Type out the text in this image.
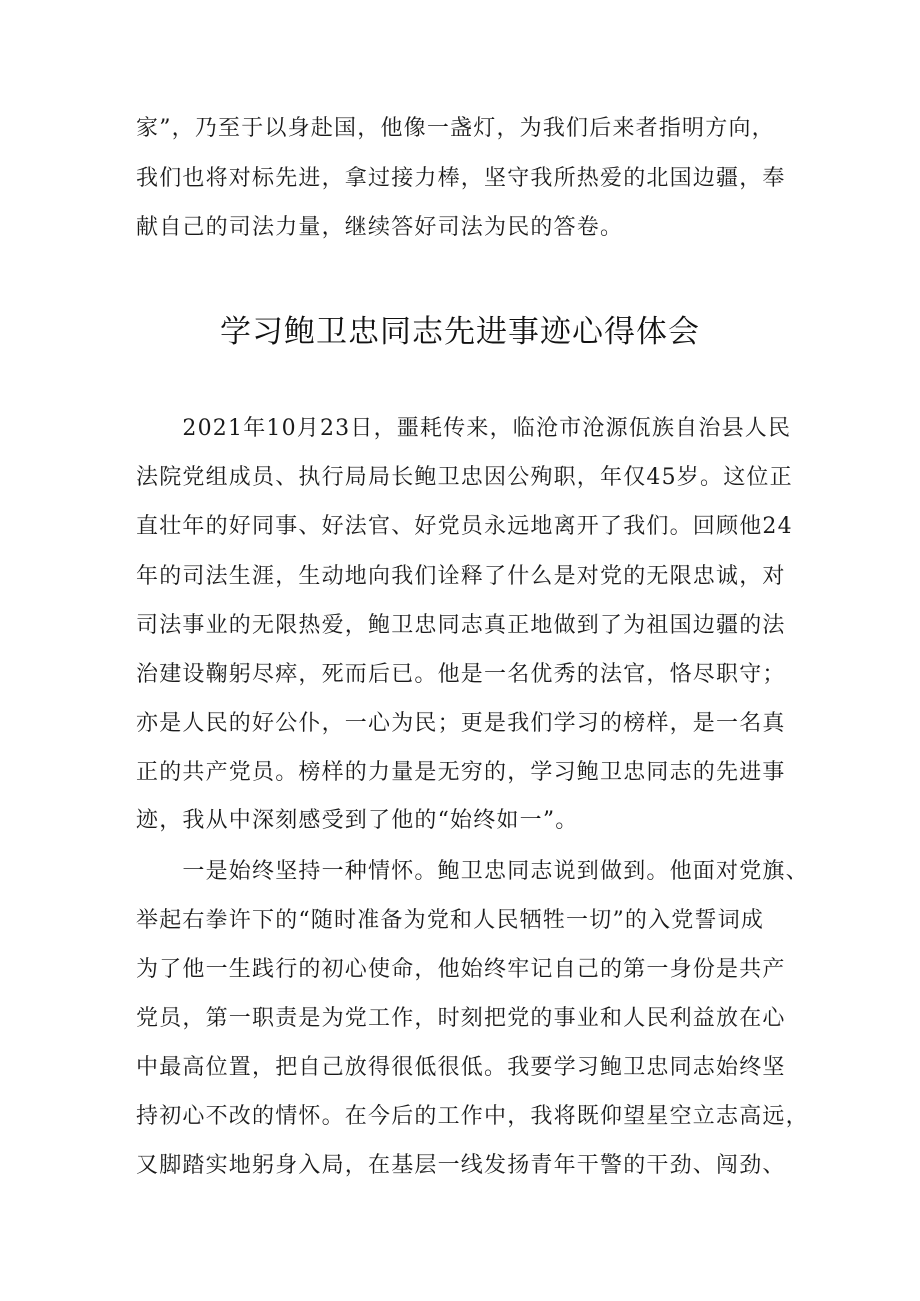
家”，乃至于以身赴国，他像一盏灯，为我们后来者指明方向，
我们也将对标先进，拿过接力棒，坚守我所热爱的北国边疆，奉
献自己的司法力量，继续答好司法为民的答卷。
学习鲍卫忠同志先进事迹心得体会
　　2021年10月23日，噩耗传来，临沧市沧源佤族自治县人民
法院党组成员、执行局局长鲍卫忠因公殉职，年仅45岁。这位正
直壮年的好同事、好法官、好党员永远地离开了我们。回顾他24
年的司法生涯，生动地向我们诠释了什么是对党的无限忠诚，对
司法事业的无限热爱，鲍卫忠同志真正地做到了为祖国边疆的法
治建设鞠躬尽瘁，死而后已。他是一名优秀的法官，恪尽职守；
亦是人民的好公仆，一心为民；更是我们学习的榜样，是一名真
正的共产党员。榜样的力量是无穷的，学习鲍卫忠同志的先进事
迹，我从中深刻感受到了他的“始终如一”。
　　一是始终坚持一种情怀。鲍卫忠同志说到做到。他面对党旗、
举起右拳许下的“随时准备为党和人民牺牲一切”的入党誓词成
为了他一生践行的初心使命，他始终牢记自己的第一身份是共产
党员，第一职责是为党工作，时刻把党的事业和人民利益放在心
中最高位置，把自己放得很低很低。我要学习鲍卫忠同志始终坚
持初心不改的情怀。在今后的工作中，我将既仰望星空立志高远，
又脚踏实地躬身入局，在基层一线发扬青年干警的干劲、闯劲、
